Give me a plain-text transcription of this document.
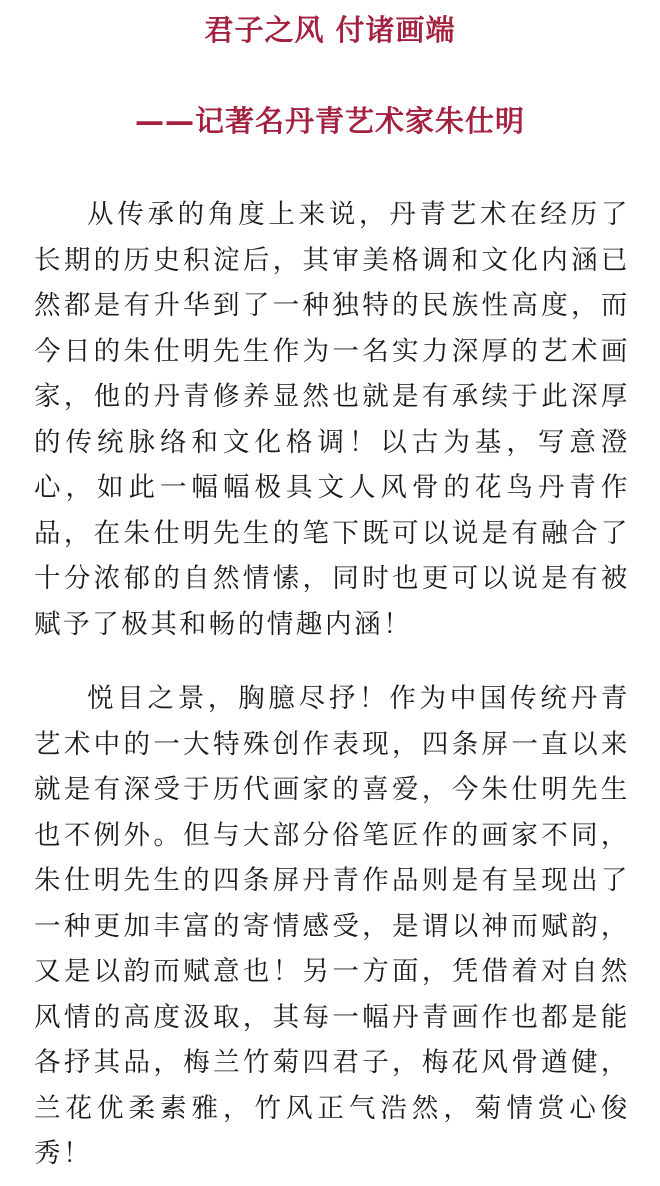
君子之风 付诸画端
——记著名丹青艺术家朱仕明

从传承的角度上来说，丹青艺术在经历了长期的历史积淀后，其审美格调和文化内涵已然都是有升华到了一种独特的民族性高度，而今日的朱仕明先生作为一名实力深厚的艺术画家，他的丹青修养显然也就是有承续于此深厚的传统脉络和文化格调！以古为基，写意澄心，如此一幅幅极具文人风骨的花鸟丹青作品，在朱仕明先生的笔下既可以说是有融合了十分浓郁的自然情愫，同时也更可以说是有被赋予了极其和畅的情趣内涵！

悦目之景，胸臆尽抒！作为中国传统丹青艺术中的一大特殊创作表现，四条屏一直以来就是有深受于历代画家的喜爱，今朱仕明先生也不例外。但与大部分俗笔匠作的画家不同，朱仕明先生的四条屏丹青作品则是有呈现出了一种更加丰富的寄情感受，是谓以神而赋韵，又是以韵而赋意也！另一方面，凭借着对自然风情的高度汲取，其每一幅丹青画作也都是能各抒其品，梅兰竹菊四君子，梅花风骨遒健，兰花优柔素雅，竹风正气浩然，菊情赏心俊秀！
